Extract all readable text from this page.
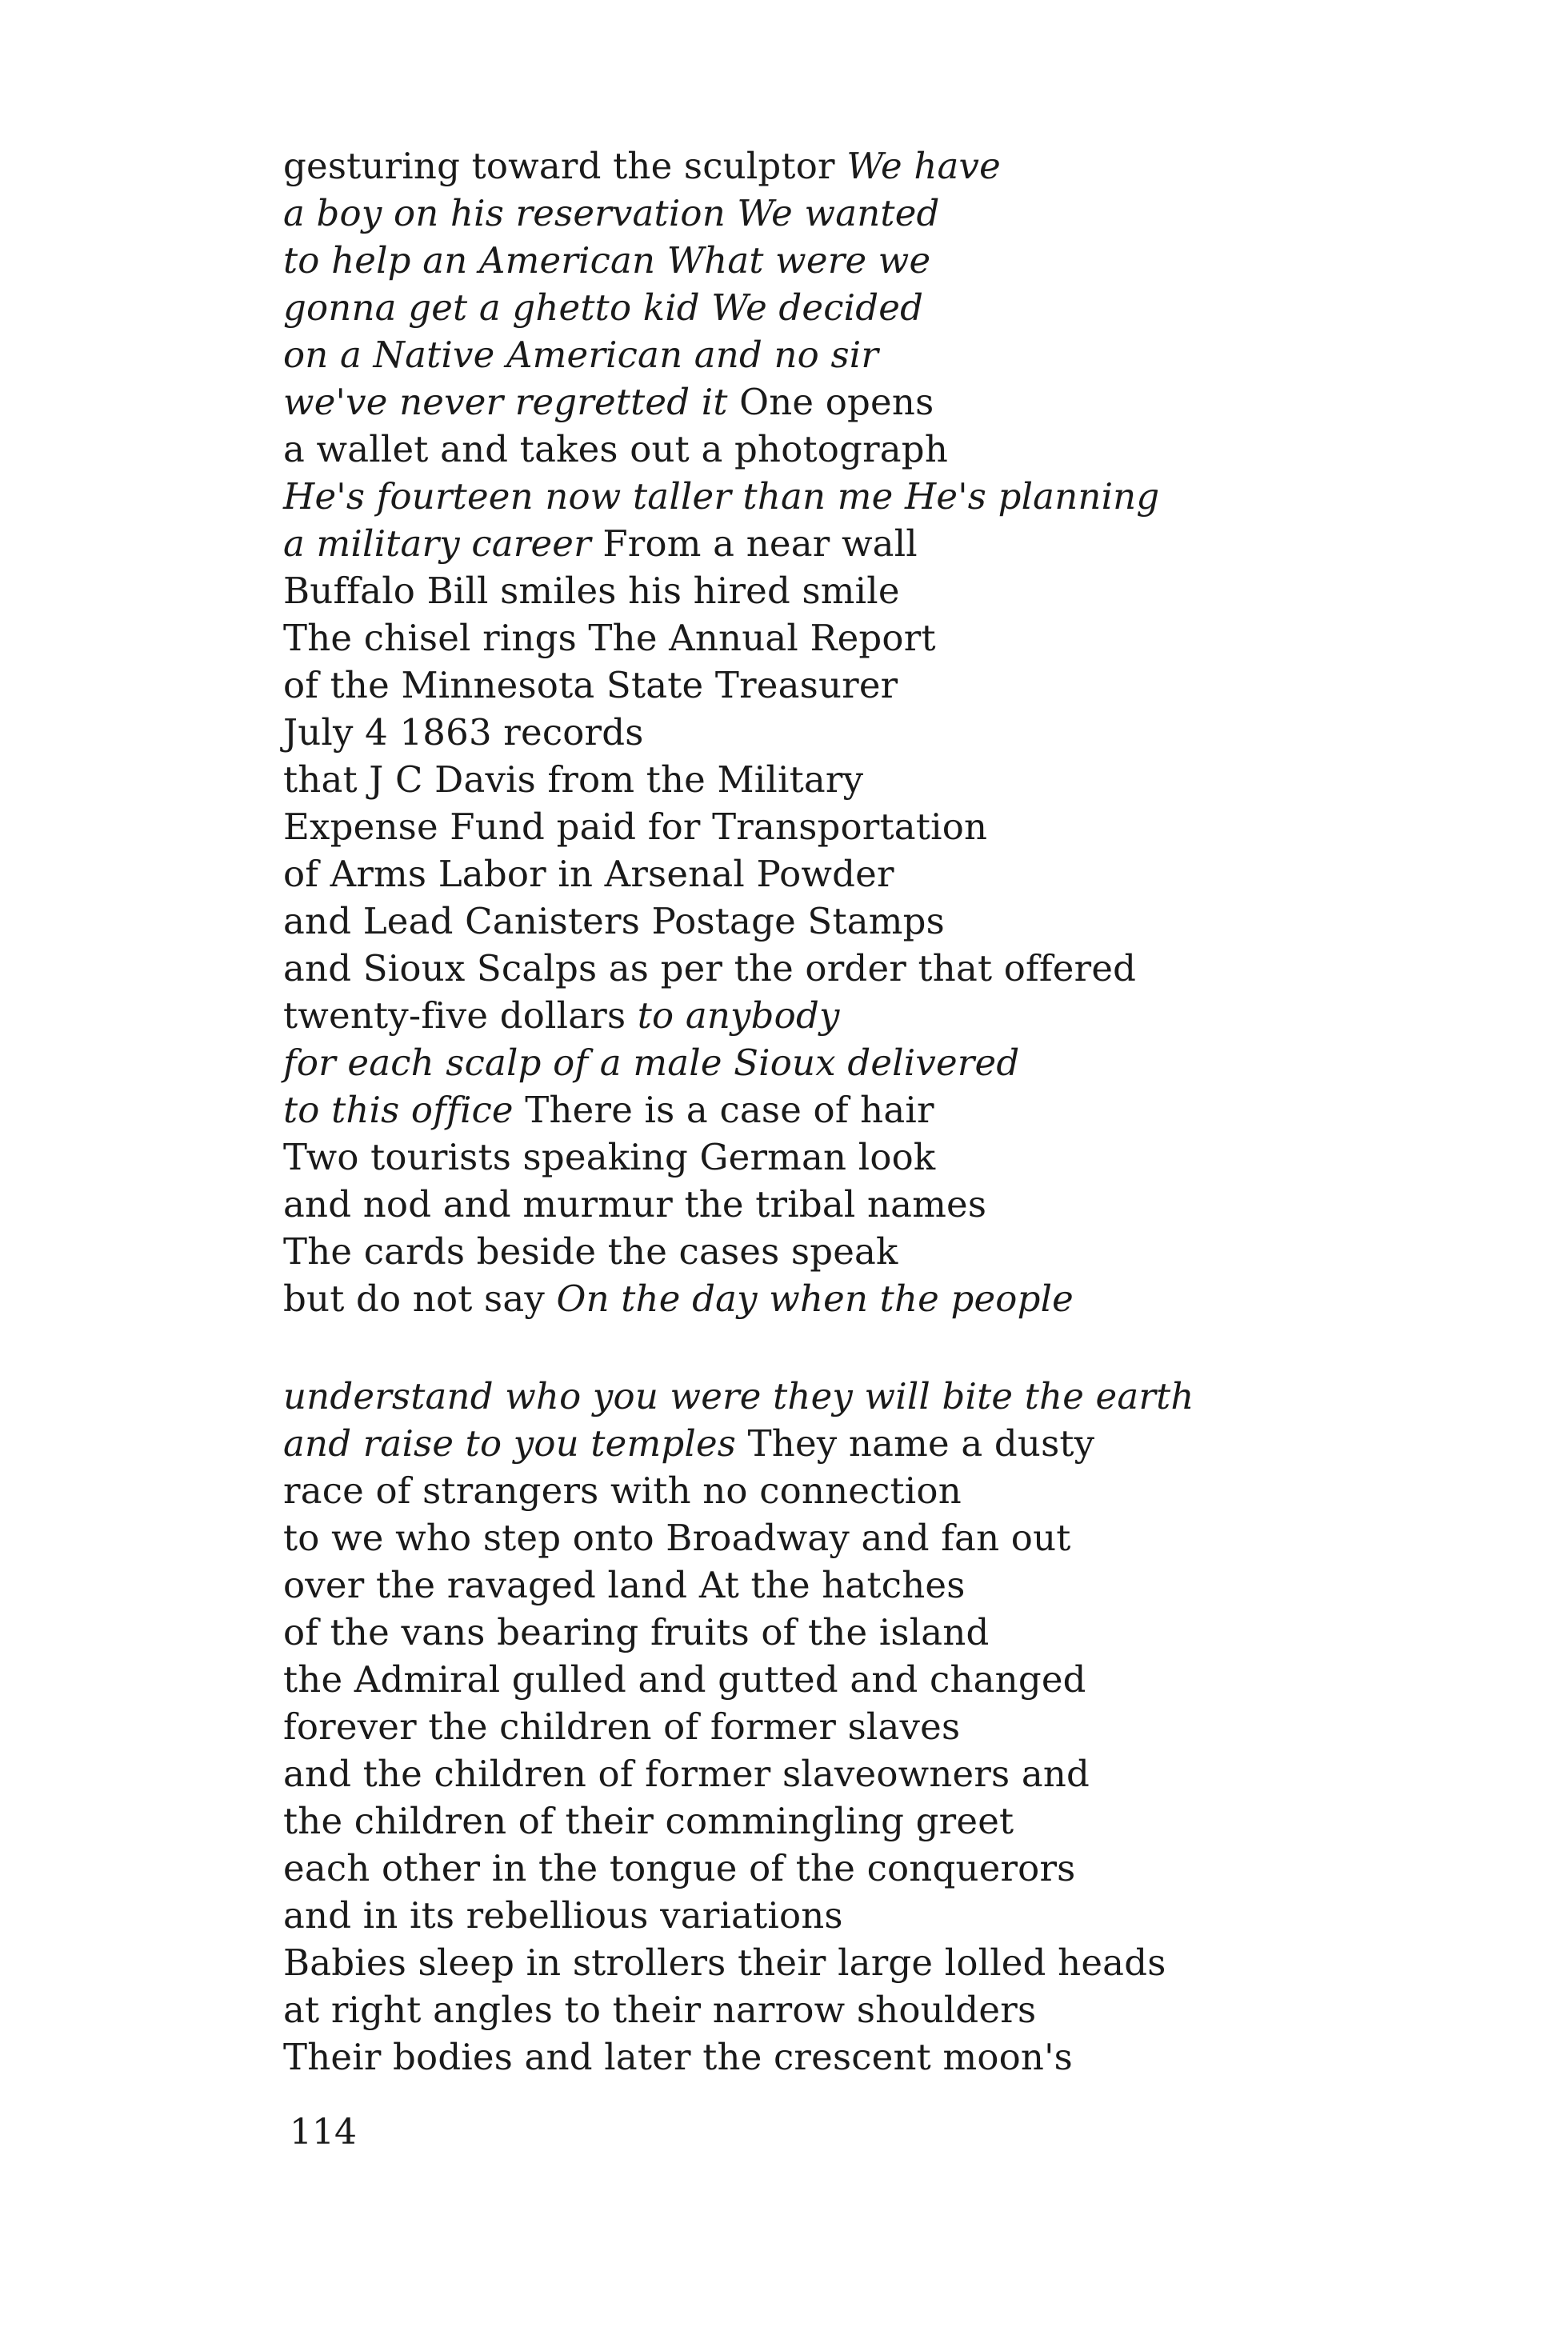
gesturing toward the sculptor We have
a boy on his reservation We wanted
to help an American What were we
gonna get a ghetto kid We decided
on a Native American and no sir
we've never regretted it One opens
a wallet and takes out a photograph
He's fourteen now taller than me He's planning
a military career From a near wall
Buffalo Bill smiles his hired smile
The chisel rings The Annual Report
of the Minnesota State Treasurer
July 4 1863 records
that J C Davis from the Military
Expense Fund paid for Transportation
of Arms Labor in Arsenal Powder
and Lead Canisters Postage Stamps
and Sioux Scalps as per the order that offered
twenty-five dollars to anybody
for each scalp of a male Sioux delivered
to this office There is a case of hair
Two tourists speaking German look
and nod and murmur the tribal names
The cards beside the cases speak
but do not say On the day when the people
understand who you were they will bite the earth
and raise to you temples They name a dusty
race of strangers with no connection
to we who step onto Broadway and fan out
over the ravaged land At the hatches
of the vans bearing fruits of the island
the Admiral gulled and gutted and changed
forever the children of former slaves
and the children of former slaveowners and
the children of their commingling greet
each other in the tongue of the conquerors
and in its rebellious variations
Babies sleep in strollers their large lolled heads
at right angles to their narrow shoulders
Their bodies and later the crescent moon's
114
